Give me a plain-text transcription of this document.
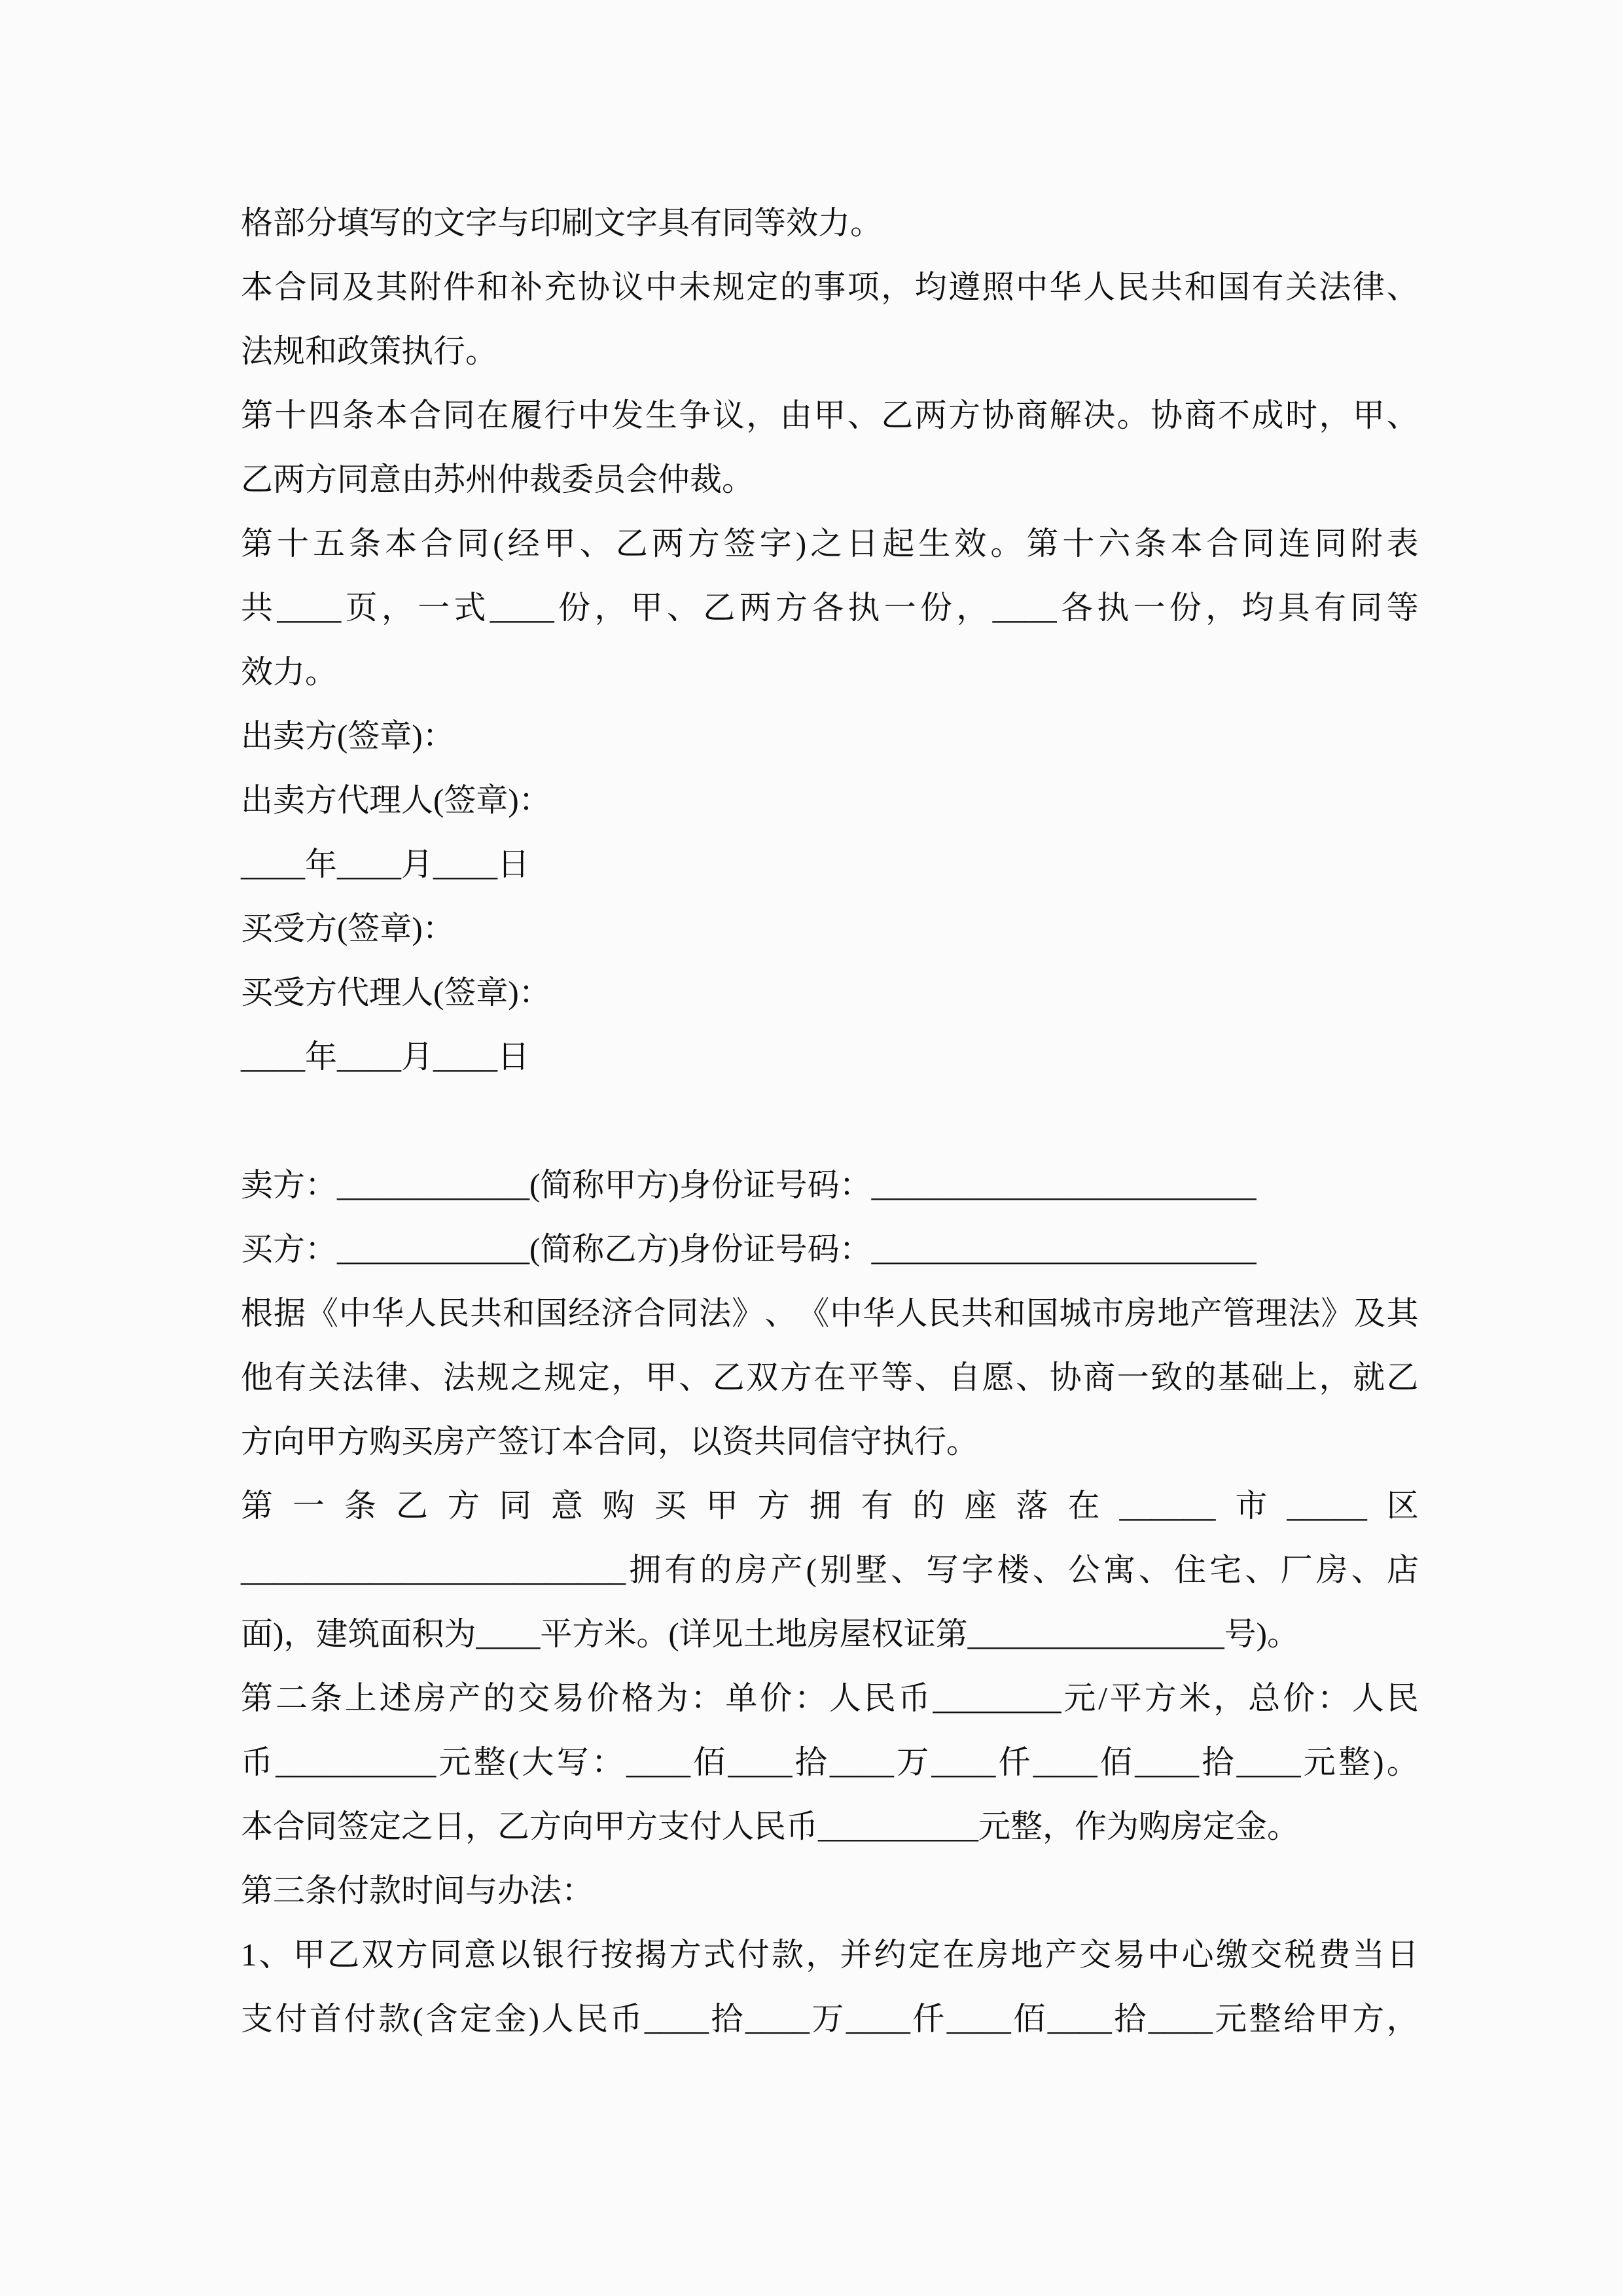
格部分填写的文字与印刷文字具有同等效力。
本 合 同 及 其 附 件 和 补 充 协 议 中 未 规 定 的 事 项 ， 均 遵 照 中 华 人 民 共 和 国 有 关 法 律 、
法规和政策执行。
第 十 四 条 本 合 同 在 履 行 中 发 生 争 议 ， 由 甲 、 乙 两 方 协 商 解 决 。 协 商 不 成 时 ， 甲 、
乙两方同意由苏州仲裁委员会仲裁。
第 十 五 条 本 合 同 ( 经 甲 、 乙 两 方 签 字 ) 之 日 起 生 效 。 第 十 六 条 本 合 同 连 同 附 表
共 ____ 页 ， 一 式 ____ 份 ， 甲 、 乙 两 方 各 执 一 份 ， ____ 各 执 一 份 ， 均 具 有 同 等
效力。
出卖方(签章)：
出卖方代理人(签章)：
____年____月____日
买受方(签章)：
买受方代理人(签章)：
____年____月____日
卖方：____________(简称甲方)身份证号码：________________________
买方：____________(简称乙方)身份证号码：________________________
根 据 《 中 华 人 民 共 和 国 经 济 合 同 法 》 、 《 中 华 人 民 共 和 国 城 市 房 地 产 管 理 法 》 及 其
他 有 关 法 律 、 法 规 之 规 定 ， 甲 、 乙 双 方 在 平 等 、 自 愿 、 协 商 一 致 的 基 础 上 ， 就 乙
方向甲方购买房产签订本合同，以资共同信守执行。
第 一 条 乙 方 同 意 购 买 甲 方 拥 有 的 座 落 在 ______ 市 _____ 区
________________________ 拥 有 的 房 产 ( 别 墅 、 写 字 楼 、 公 寓 、 住 宅 、 厂 房 、 店
面)，建筑面积为____平方米。(详见土地房屋权证第________________号)。
第 二 条 上 述 房 产 的 交 易 价 格 为 ： 单 价 ： 人 民 币 ________ 元 / 平 方 米 ， 总 价 ： 人 民
币 __________ 元 整 ( 大 写 ： ____ 佰 ____ 拾 ____ 万 ____ 仟 ____ 佰 ____ 拾 ____ 元 整 ) 。
本合同签定之日，乙方向甲方支付人民币__________元整，作为购房定金。
第三条付款时间与办法：
1 、 甲 乙 双 方 同 意 以 银 行 按 揭 方 式 付 款 ， 并 约 定 在 房 地 产 交 易 中 心 缴 交 税 费 当 日
支 付 首 付 款 ( 含 定 金 ) 人 民 币 ____ 拾 ____ 万 ____ 仟 ____ 佰 ____ 拾 ____ 元 整 给 甲 方 ，
